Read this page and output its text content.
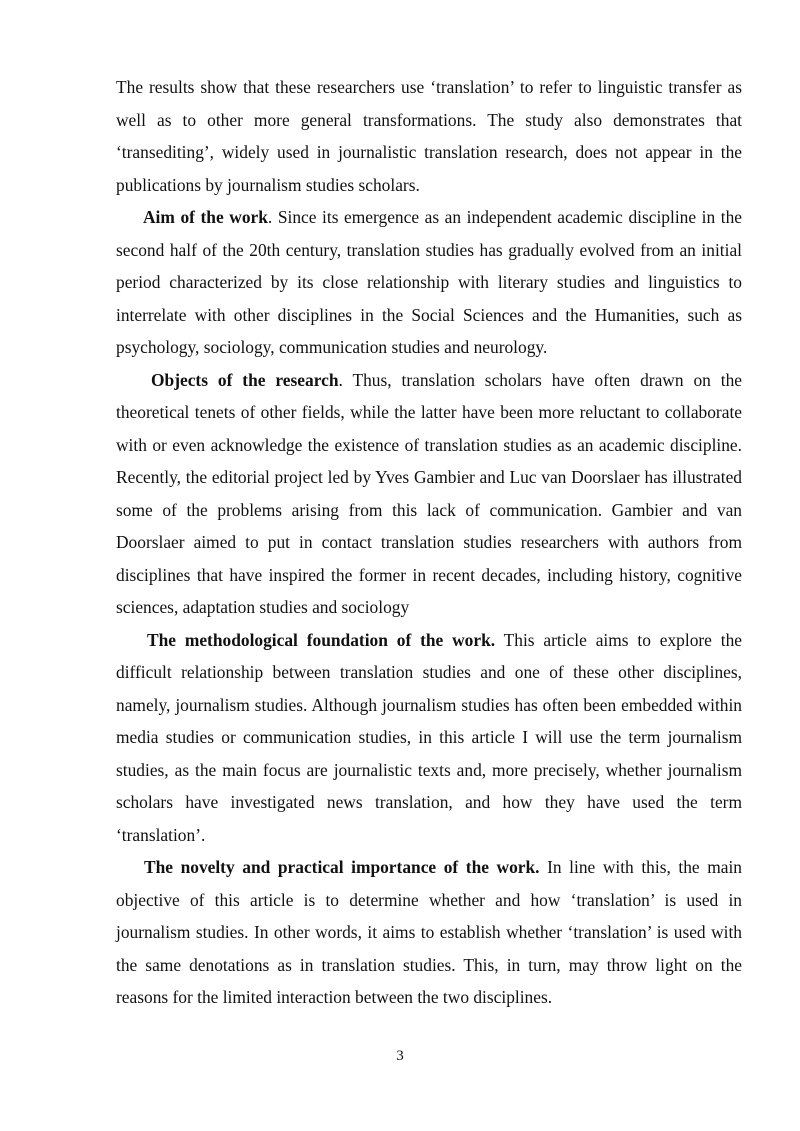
The results show that these researchers use ‘translation’ to refer to linguistic transfer as well as to other more general transformations. The study also demonstrates that ‘transediting’, widely used in journalistic translation research, does not appear in the publications by journalism studies scholars.

Aim of the work. Since its emergence as an independent academic discipline in the second half of the 20th century, translation studies has gradually evolved from an initial period characterized by its close relationship with literary studies and linguistics to interrelate with other disciplines in the Social Sciences and the Humanities, such as psychology, sociology, communication studies and neurology.

Objects of the research. Thus, translation scholars have often drawn on the theoretical tenets of other fields, while the latter have been more reluctant to collaborate with or even acknowledge the existence of translation studies as an academic discipline. Recently, the editorial project led by Yves Gambier and Luc van Doorslaer has illustrated some of the problems arising from this lack of communication. Gambier and van Doorslaer aimed to put in contact translation studies researchers with authors from disciplines that have inspired the former in recent decades, including history, cognitive sciences, adaptation studies and sociology

The methodological foundation of the work. This article aims to explore the difficult relationship between translation studies and one of these other disciplines, namely, journalism studies. Although journalism studies has often been embedded within media studies or communication studies, in this article I will use the term journalism studies, as the main focus are journalistic texts and, more precisely, whether journalism scholars have investigated news translation, and how they have used the term ‘translation’.

The novelty and practical importance of the work. In line with this, the main objective of this article is to determine whether and how ‘translation’ is used in journalism studies. In other words, it aims to establish whether ‘translation’ is used with the same denotations as in translation studies. This, in turn, may throw light on the reasons for the limited interaction between the two disciplines.

3
